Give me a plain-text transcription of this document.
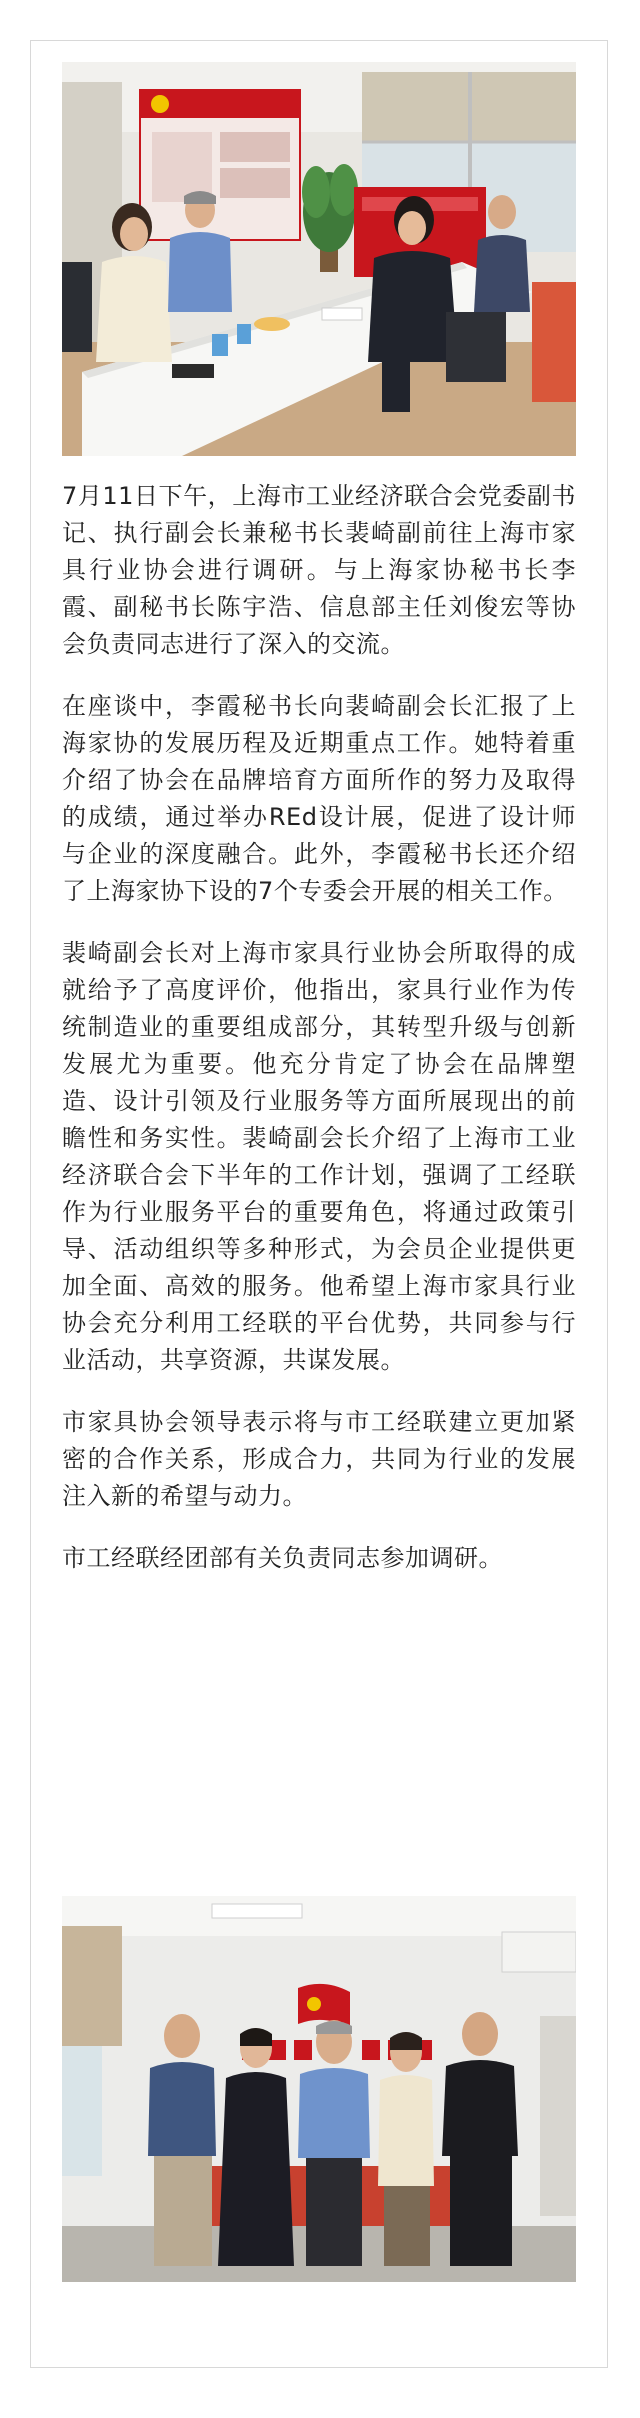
7月11日下午，上海市工业经济联合会党委副书记、执行副会长兼秘书长裴崎副前往上海市家具行业协会进行调研。与上海家协秘书长李霞、副秘书长陈宇浩、信息部主任刘俊宏等协会负责同志进行了深入的交流。

在座谈中，李霞秘书长向裴崎副会长汇报了上海家协的发展历程及近期重点工作。她特着重介绍了协会在品牌培育方面所作的努力及取得的成绩，通过举办REd设计展，促进了设计师与企业的深度融合。此外，李霞秘书长还介绍了上海家协下设的7个专委会开展的相关工作。

裴崎副会长对上海市家具行业协会所取得的成就给予了高度评价，他指出，家具行业作为传统制造业的重要组成部分，其转型升级与创新发展尤为重要。他充分肯定了协会在品牌塑造、设计引领及行业服务等方面所展现出的前瞻性和务实性。裴崎副会长介绍了上海市工业经济联合会下半年的工作计划，强调了工经联作为行业服务平台的重要角色，将通过政策引导、活动组织等多种形式，为会员企业提供更加全面、高效的服务。他希望上海市家具行业协会充分利用工经联的平台优势，共同参与行业活动，共享资源，共谋发展。

市家具协会领导表示将与市工经联建立更加紧密的合作关系，形成合力，共同为行业的发展注入新的希望与动力。

市工经联经团部有关负责同志参加调研。
